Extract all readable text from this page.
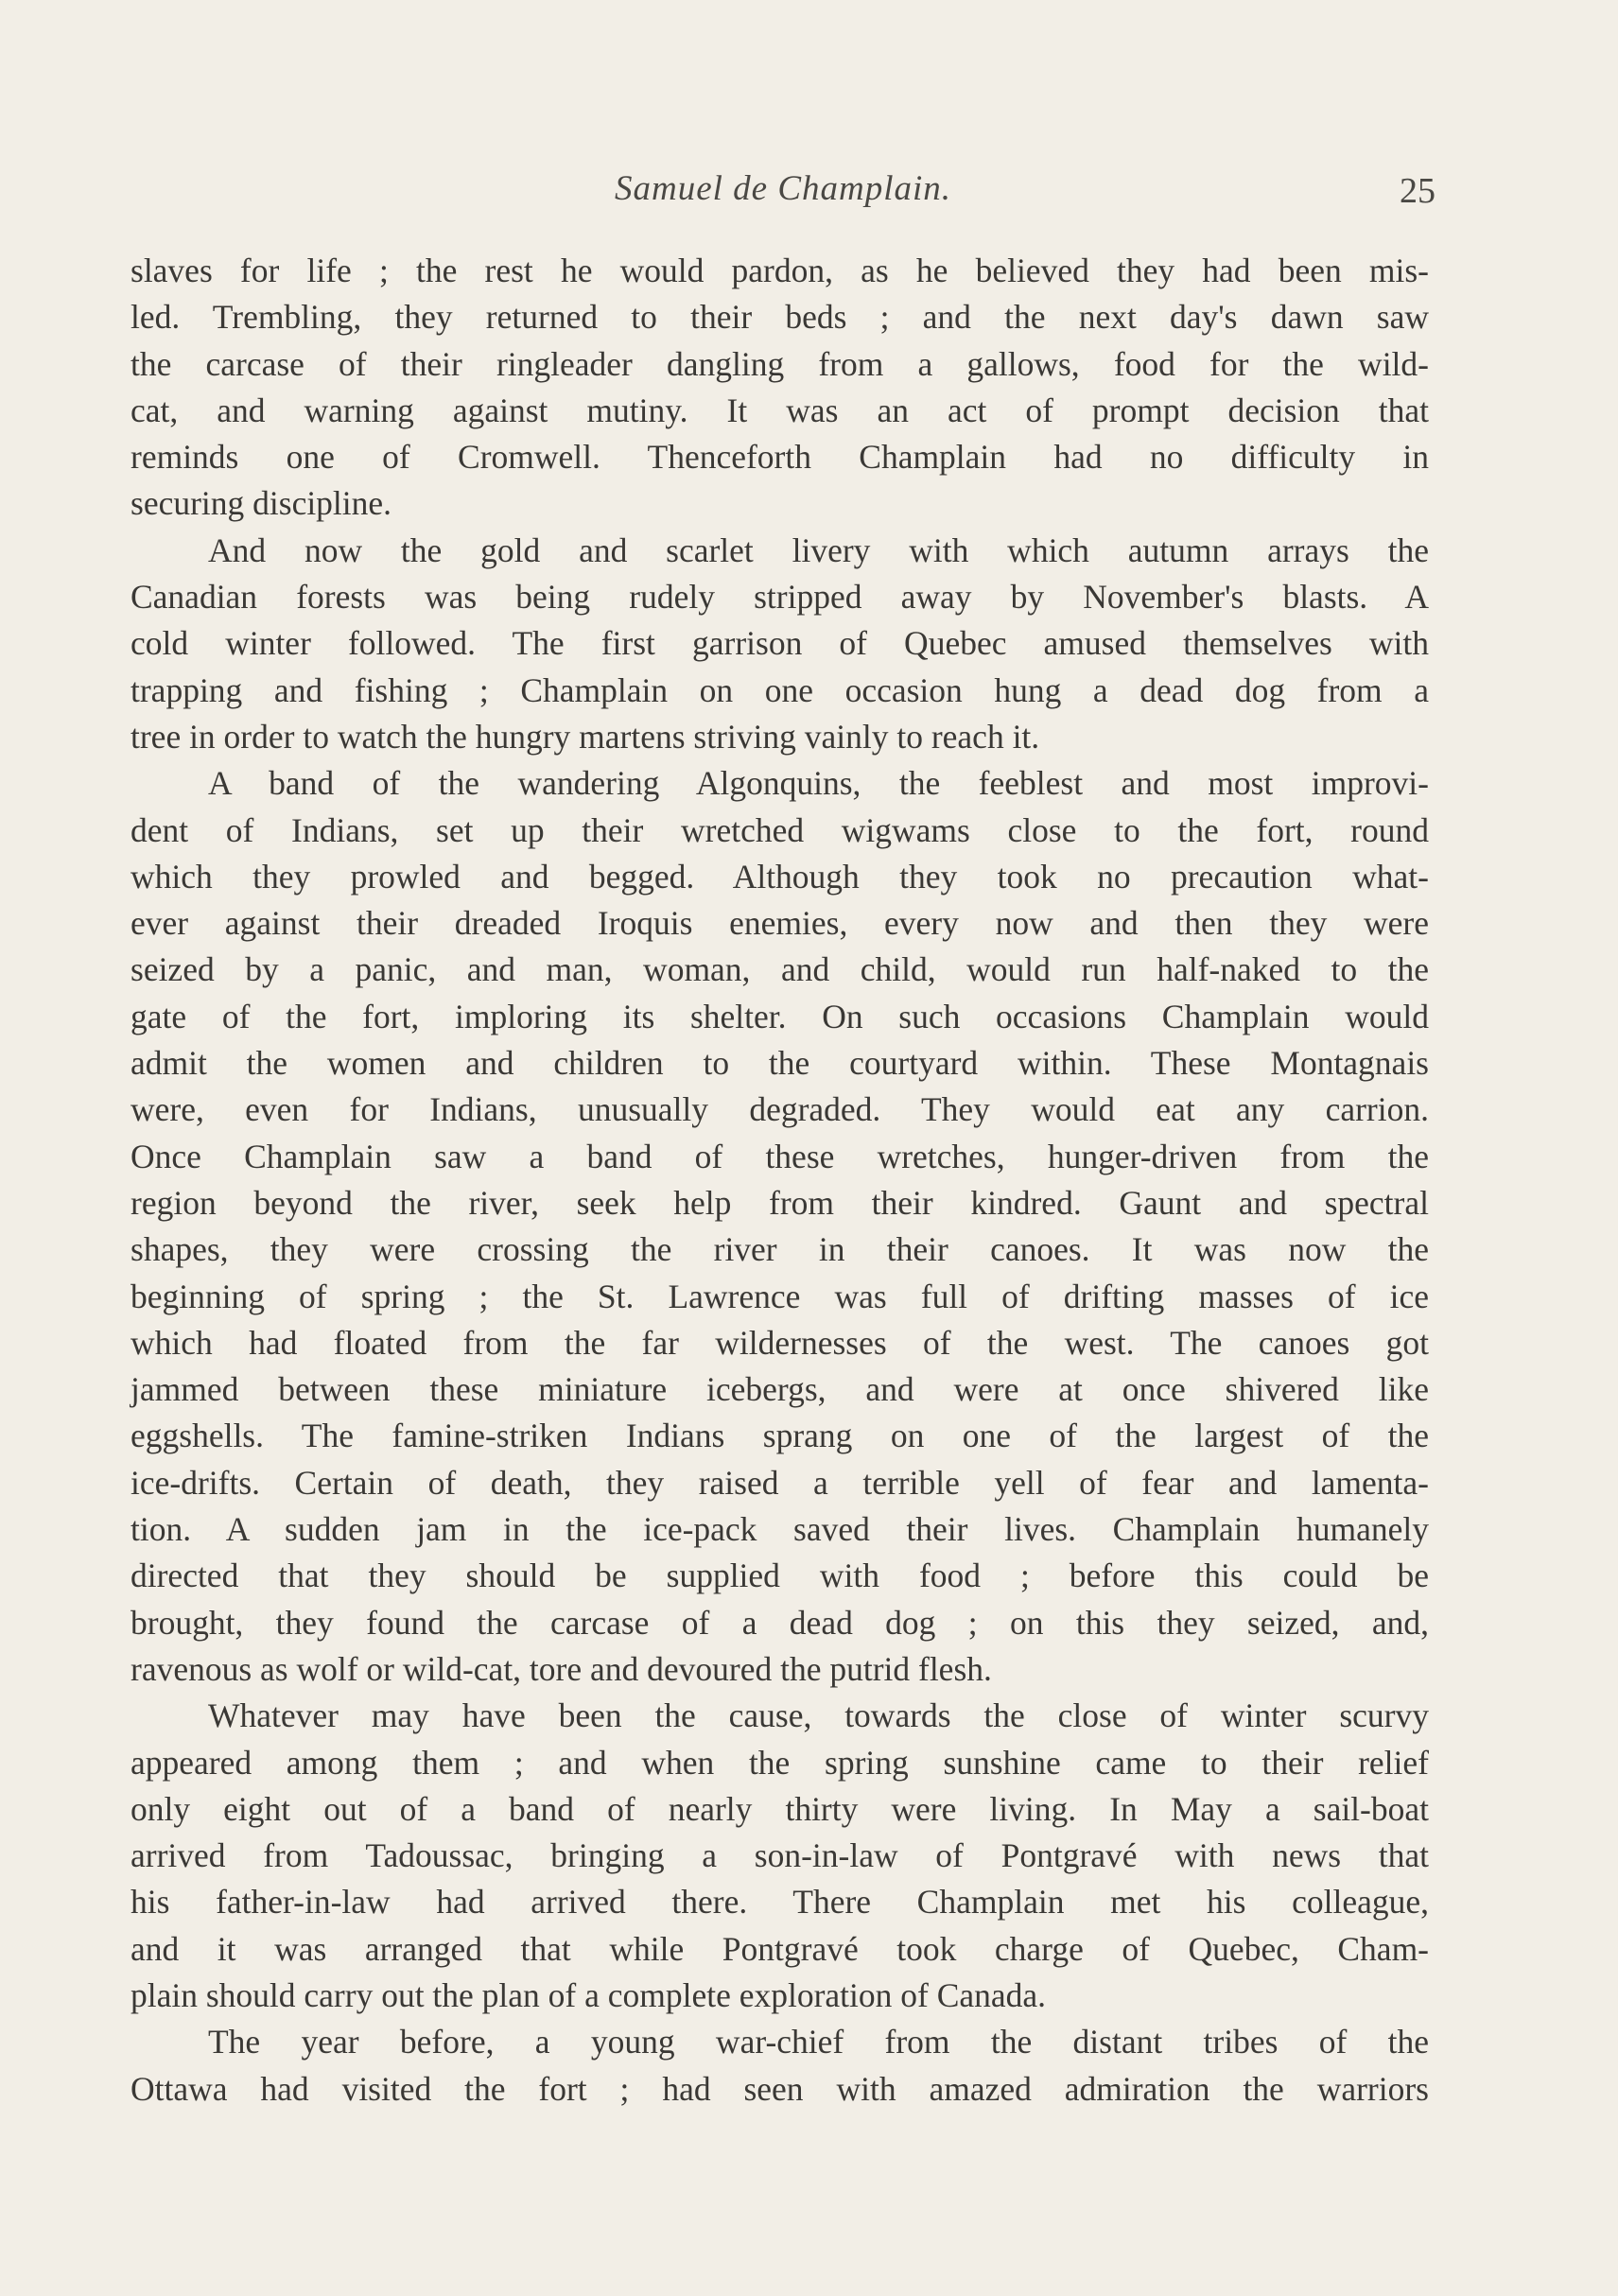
Samuel de Champlain.	25
slaves for life ; the rest he would pardon, as he believed they had been mis-
led. Trembling, they returned to their beds ; and the next day's dawn saw
the carcase of their ringleader dangling from a gallows, food for the wild-
cat, and warning against mutiny. It was an act of prompt decision that
reminds one of Cromwell. Thenceforth Champlain had no difficulty in
securing discipline.
And now the gold and scarlet livery with which autumn arrays the
Canadian forests was being rudely stripped away by November's blasts. A
cold winter followed. The first garrison of Quebec amused themselves with
trapping and fishing ; Champlain on one occasion hung a dead dog from a
tree in order to watch the hungry martens striving vainly to reach it.
A band of the wandering Algonquins, the feeblest and most improvi-
dent of Indians, set up their wretched wigwams close to the fort, round
which they prowled and begged. Although they took no precaution what-
ever against their dreaded Iroquis enemies, every now and then they were
seized by a panic, and man, woman, and child, would run half-naked to the
gate of the fort, imploring its shelter. On such occasions Champlain would
admit the women and children to the courtyard within. These Montagnais
were, even for Indians, unusually degraded. They would eat any carrion.
Once Champlain saw a band of these wretches, hunger-driven from the
region beyond the river, seek help from their kindred. Gaunt and spectral
shapes, they were crossing the river in their canoes. It was now the
beginning of spring ; the St. Lawrence was full of drifting masses of ice
which had floated from the far wildernesses of the west. The canoes got
jammed between these miniature icebergs, and were at once shivered like
eggshells. The famine-striken Indians sprang on one of the largest of the
ice-drifts. Certain of death, they raised a terrible yell of fear and lamenta-
tion. A sudden jam in the ice-pack saved their lives. Champlain humanely
directed that they should be supplied with food ; before this could be
brought, they found the carcase of a dead dog ; on this they seized, and,
ravenous as wolf or wild-cat, tore and devoured the putrid flesh.
Whatever may have been the cause, towards the close of winter scurvy
appeared among them ; and when the spring sunshine came to their relief
only eight out of a band of nearly thirty were living. In May a sail-boat
arrived from Tadoussac, bringing a son-in-law of Pontgravé with news that
his father-in-law had arrived there. There Champlain met his colleague,
and it was arranged that while Pontgravé took charge of Quebec, Cham-
plain should carry out the plan of a complete exploration of Canada.
The year before, a young war-chief from the distant tribes of the
Ottawa had visited the fort ; had seen with amazed admiration the warriors
